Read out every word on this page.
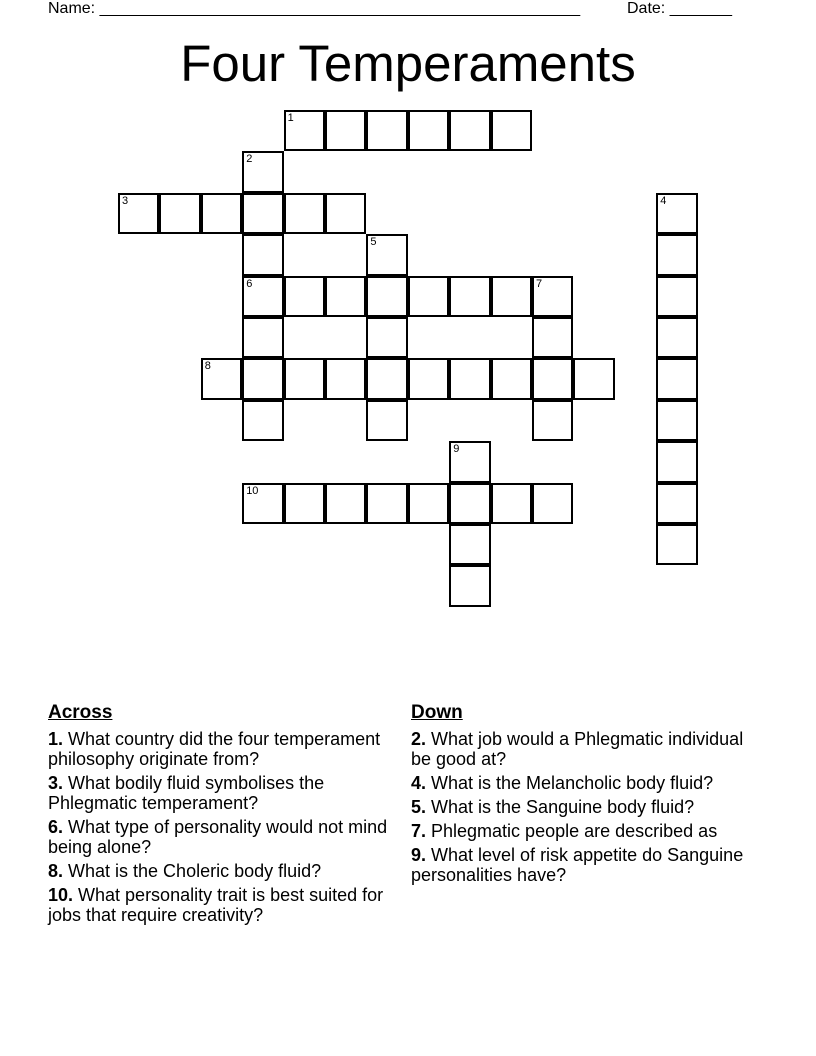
Name: ______________________________________________________	Date: _______
Four Temperaments
1
2
6
3	4
5
7
8
9
10
Across
1. What country did the four temperament philosophy originate from?
3. What bodily fluid symbolises the Phlegmatic temperament?
6. What type of personality would not mind being alone?
8. What is the Choleric body fluid?
10. What personality trait is best suited for jobs that require creativity?
Down
2. What job would a Phlegmatic individual be good at?
4. What is the Melancholic body fluid?
5. What is the Sanguine body fluid?
7. Phlegmatic people are described as
9. What level of risk appetite do Sanguine personalities have?
